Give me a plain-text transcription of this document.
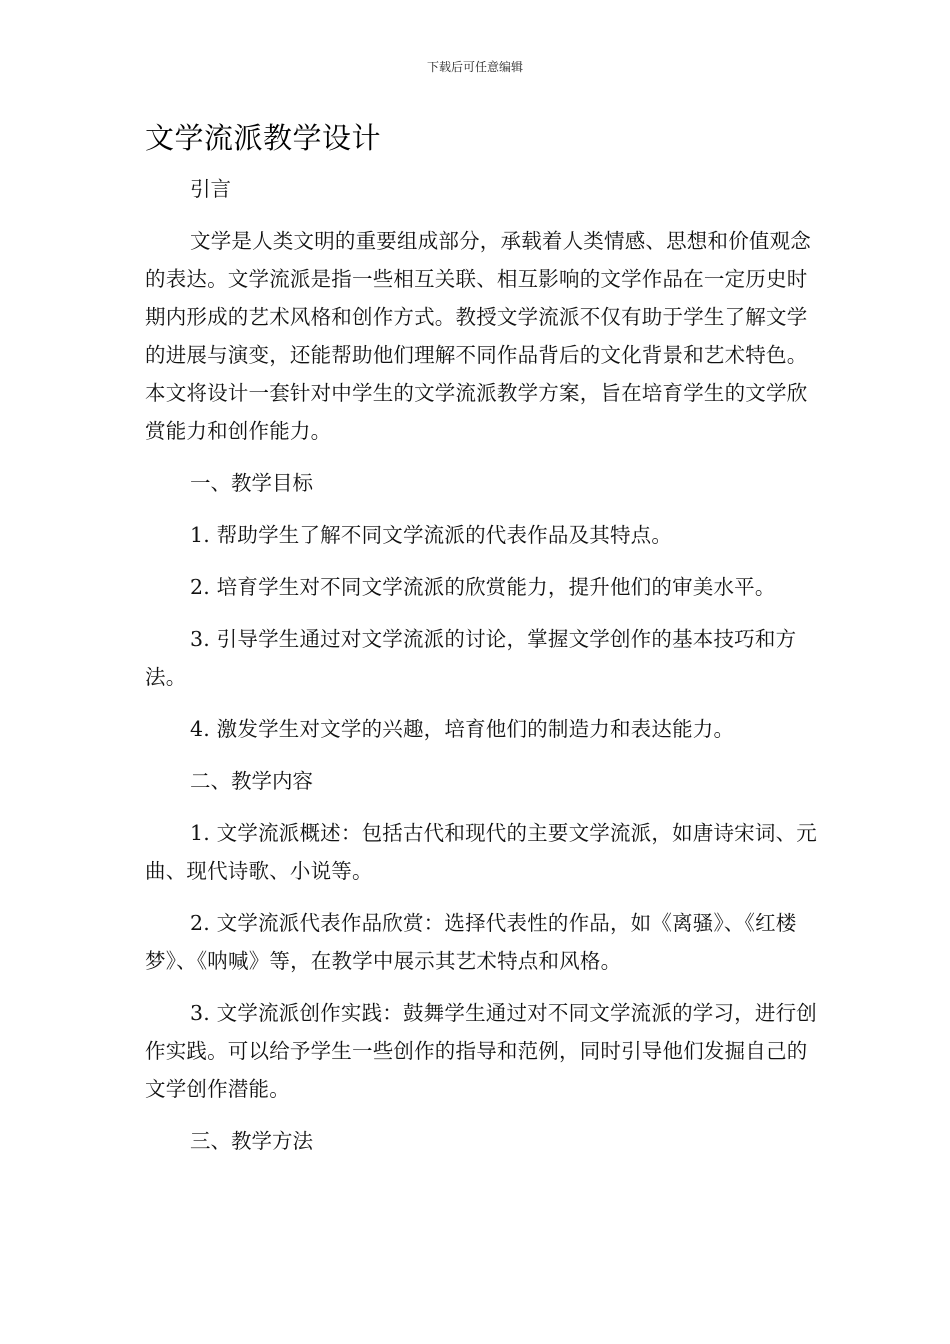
下载后可任意编辑
文学流派教学设计

引言

文学是人类文明的重要组成部分，承载着人类情感、思想和价值观念的表达。文学流派是指一些相互关联、相互影响的文学作品在一定历史时期内形成的艺术风格和创作方式。教授文学流派不仅有助于学生了解文学的进展与演变，还能帮助他们理解不同作品背后的文化背景和艺术特色。本文将设计一套针对中学生的文学流派教学方案，旨在培育学生的文学欣赏能力和创作能力。

一、教学目标

1. 帮助学生了解不同文学流派的代表作品及其特点。

2. 培育学生对不同文学流派的欣赏能力，提升他们的审美水平。

3. 引导学生通过对文学流派的讨论，掌握文学创作的基本技巧和方法。

4. 激发学生对文学的兴趣，培育他们的制造力和表达能力。

二、教学内容

1. 文学流派概述：包括古代和现代的主要文学流派，如唐诗宋词、元曲、现代诗歌、小说等。

2. 文学流派代表作品欣赏：选择代表性的作品，如《离骚》、《红楼梦》、《呐喊》等，在教学中展示其艺术特点和风格。

3. 文学流派创作实践：鼓舞学生通过对不同文学流派的学习，进行创作实践。可以给予学生一些创作的指导和范例，同时引导他们发掘自己的文学创作潜能。

三、教学方法
